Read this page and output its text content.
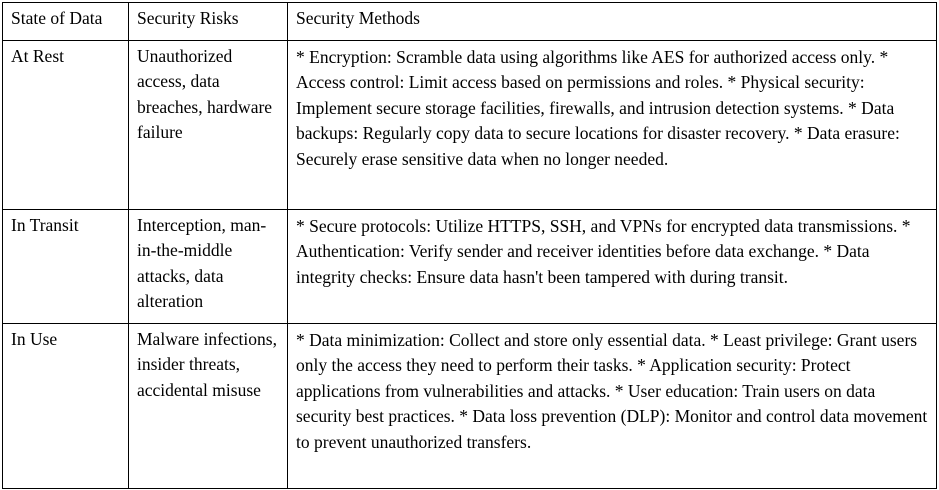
State of Data	Security Risks	Security Methods
At Rest	Unauthorized access, data breaches, hardware failure	* Encryption: Scramble data using algorithms like AES for authorized access only. * Access control: Limit access based on permissions and roles. * Physical security: Implement secure storage facilities, firewalls, and intrusion detection systems. * Data backups: Regularly copy data to secure locations for disaster recovery. * Data erasure: Securely erase sensitive data when no longer needed.
In Transit	Interception, man-in-the-middle attacks, data alteration	* Secure protocols: Utilize HTTPS, SSH, and VPNs for encrypted data transmissions. * Authentication: Verify sender and receiver identities before data exchange. * Data integrity checks: Ensure data hasn't been tampered with during transit.
In Use	Malware infections, insider threats, accidental misuse	* Data minimization: Collect and store only essential data. * Least privilege: Grant users only the access they need to perform their tasks. * Application security: Protect applications from vulnerabilities and attacks. * User education: Train users on data security best practices. * Data loss prevention (DLP): Monitor and control data movement to prevent unauthorized transfers.
